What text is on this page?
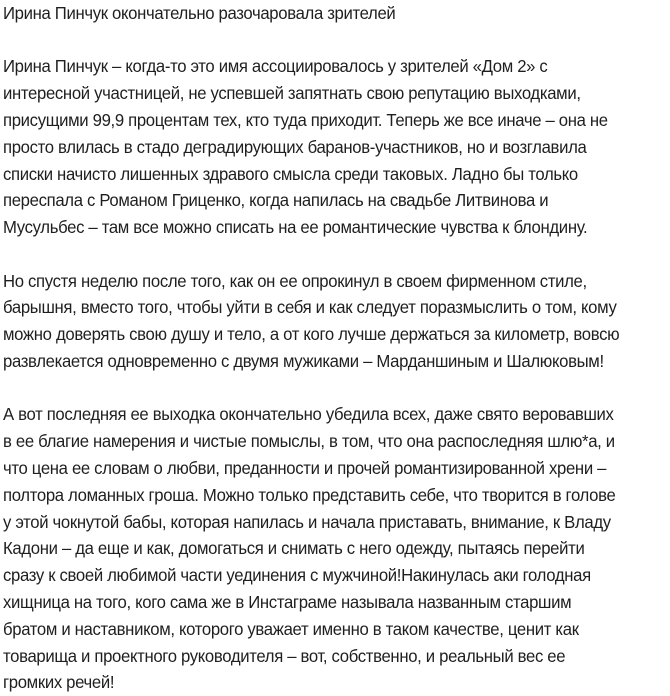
Ирина Пинчук окончательно разочаровала зрителей
Ирина Пинчук – когда-то это имя ассоциировалось у зрителей «Дом 2» с
интересной участницей, не успевшей запятнать свою репутацию выходками,
присущими 99,9 процентам тех, кто туда приходит. Теперь же все иначе – она не
просто влилась в стадо деградирующих баранов-участников, но и возглавила
списки начисто лишенных здравого смысла среди таковых. Ладно бы только
переспала с Романом Гриценко, когда напилась на свадьбе Литвинова и
Мусульбес – там все можно списать на ее романтические чувства к блондину.
Но спустя неделю после того, как он ее опрокинул в своем фирменном стиле,
барышня, вместо того, чтобы уйти в себя и как следует поразмыслить о том, кому
можно доверять свою душу и тело, а от кого лучше держаться за километр, вовсю
развлекается одновременно с двумя мужиками – Марданшиным и Шалюковым!
А вот последняя ее выходка окончательно убедила всех, даже свято веровавших
в ее благие намерения и чистые помыслы, в том, что она распоследняя шлю*а, и
что цена ее словам о любви, преданности и прочей романтизированной хрени –
полтора ломанных гроша. Можно только представить себе, что творится в голове
у этой чокнутой бабы, которая напилась и начала приставать, внимание, к Владу
Кадони – да еще и как, домогаться и снимать с него одежду, пытаясь перейти
сразу к своей любимой части уединения с мужчиной!Накинулась аки голодная
хищница на того, кого сама же в Инстаграме называла названным старшим
братом и наставником, которого уважает именно в таком качестве, ценит как
товарища и проектного руководителя – вот, собственно, и реальный вес ее
громких речей!
